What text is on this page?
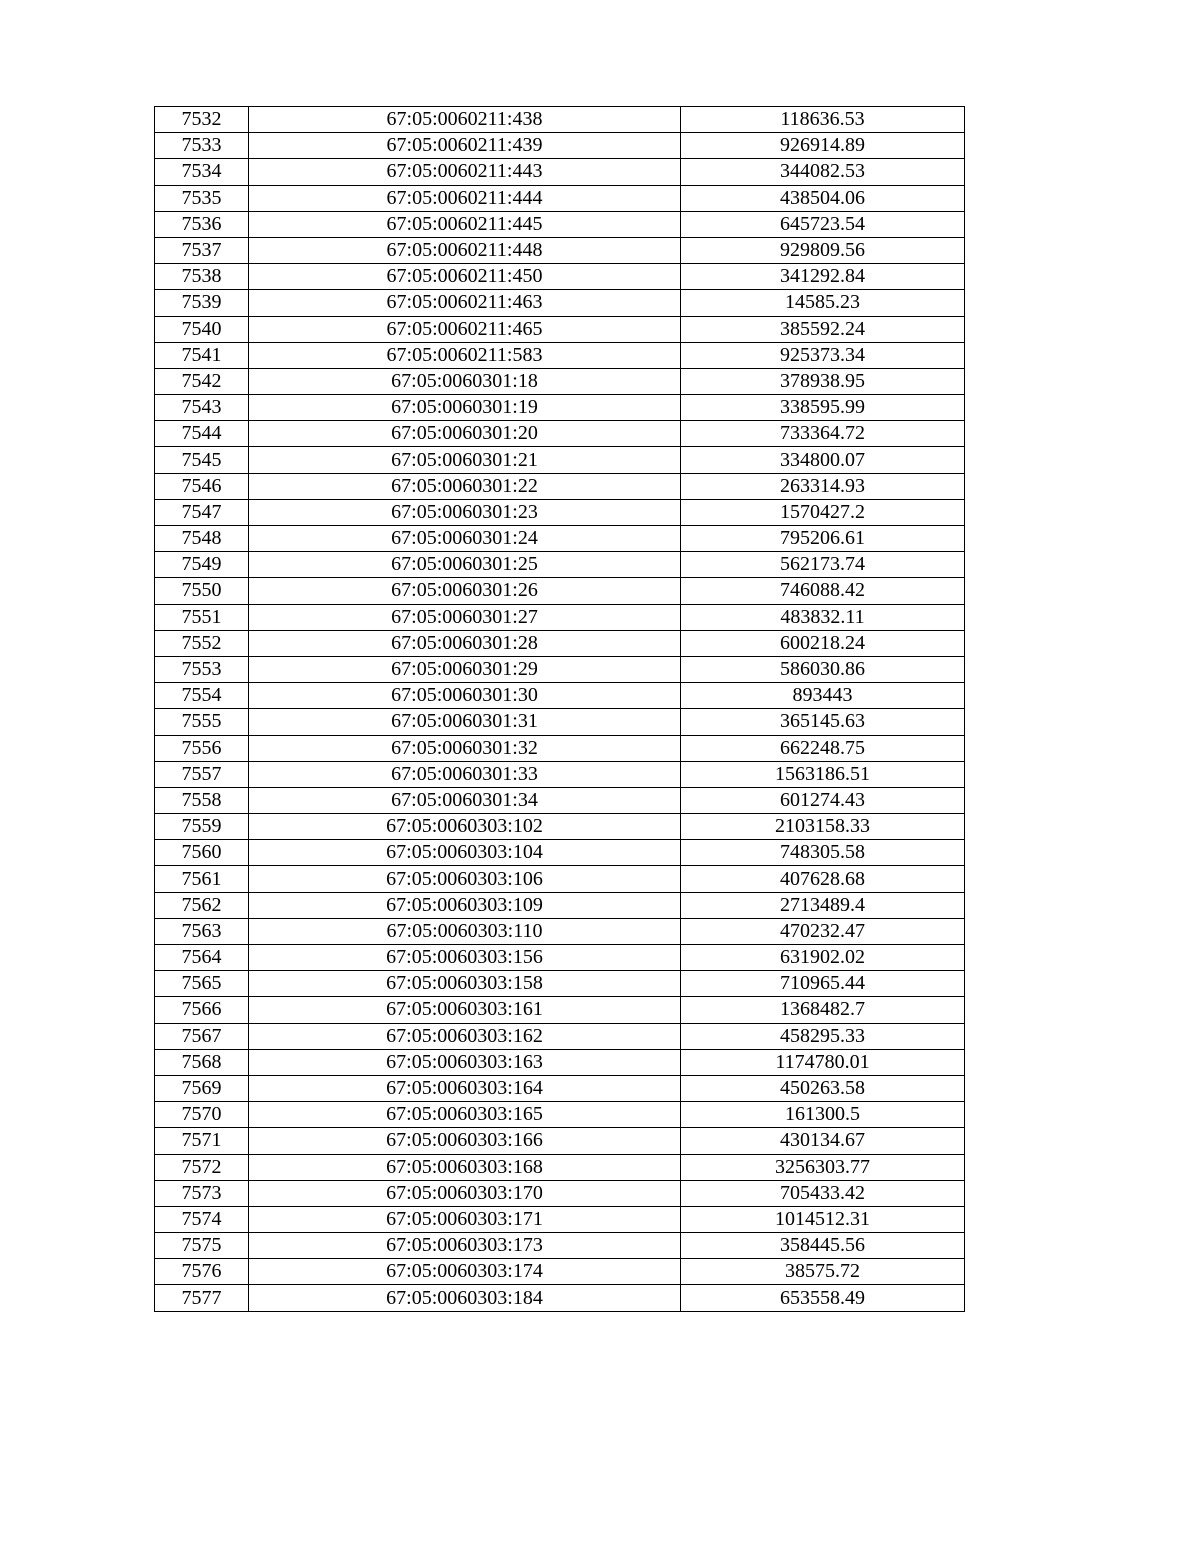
7532	67:05:0060211:438	118636.53
7533	67:05:0060211:439	926914.89
7534	67:05:0060211:443	344082.53
7535	67:05:0060211:444	438504.06
7536	67:05:0060211:445	645723.54
7537	67:05:0060211:448	929809.56
7538	67:05:0060211:450	341292.84
7539	67:05:0060211:463	14585.23
7540	67:05:0060211:465	385592.24
7541	67:05:0060211:583	925373.34
7542	67:05:0060301:18	378938.95
7543	67:05:0060301:19	338595.99
7544	67:05:0060301:20	733364.72
7545	67:05:0060301:21	334800.07
7546	67:05:0060301:22	263314.93
7547	67:05:0060301:23	1570427.2
7548	67:05:0060301:24	795206.61
7549	67:05:0060301:25	562173.74
7550	67:05:0060301:26	746088.42
7551	67:05:0060301:27	483832.11
7552	67:05:0060301:28	600218.24
7553	67:05:0060301:29	586030.86
7554	67:05:0060301:30	893443
7555	67:05:0060301:31	365145.63
7556	67:05:0060301:32	662248.75
7557	67:05:0060301:33	1563186.51
7558	67:05:0060301:34	601274.43
7559	67:05:0060303:102	2103158.33
7560	67:05:0060303:104	748305.58
7561	67:05:0060303:106	407628.68
7562	67:05:0060303:109	2713489.4
7563	67:05:0060303:110	470232.47
7564	67:05:0060303:156	631902.02
7565	67:05:0060303:158	710965.44
7566	67:05:0060303:161	1368482.7
7567	67:05:0060303:162	458295.33
7568	67:05:0060303:163	1174780.01
7569	67:05:0060303:164	450263.58
7570	67:05:0060303:165	161300.5
7571	67:05:0060303:166	430134.67
7572	67:05:0060303:168	3256303.77
7573	67:05:0060303:170	705433.42
7574	67:05:0060303:171	1014512.31
7575	67:05:0060303:173	358445.56
7576	67:05:0060303:174	38575.72
7577	67:05:0060303:184	653558.49
